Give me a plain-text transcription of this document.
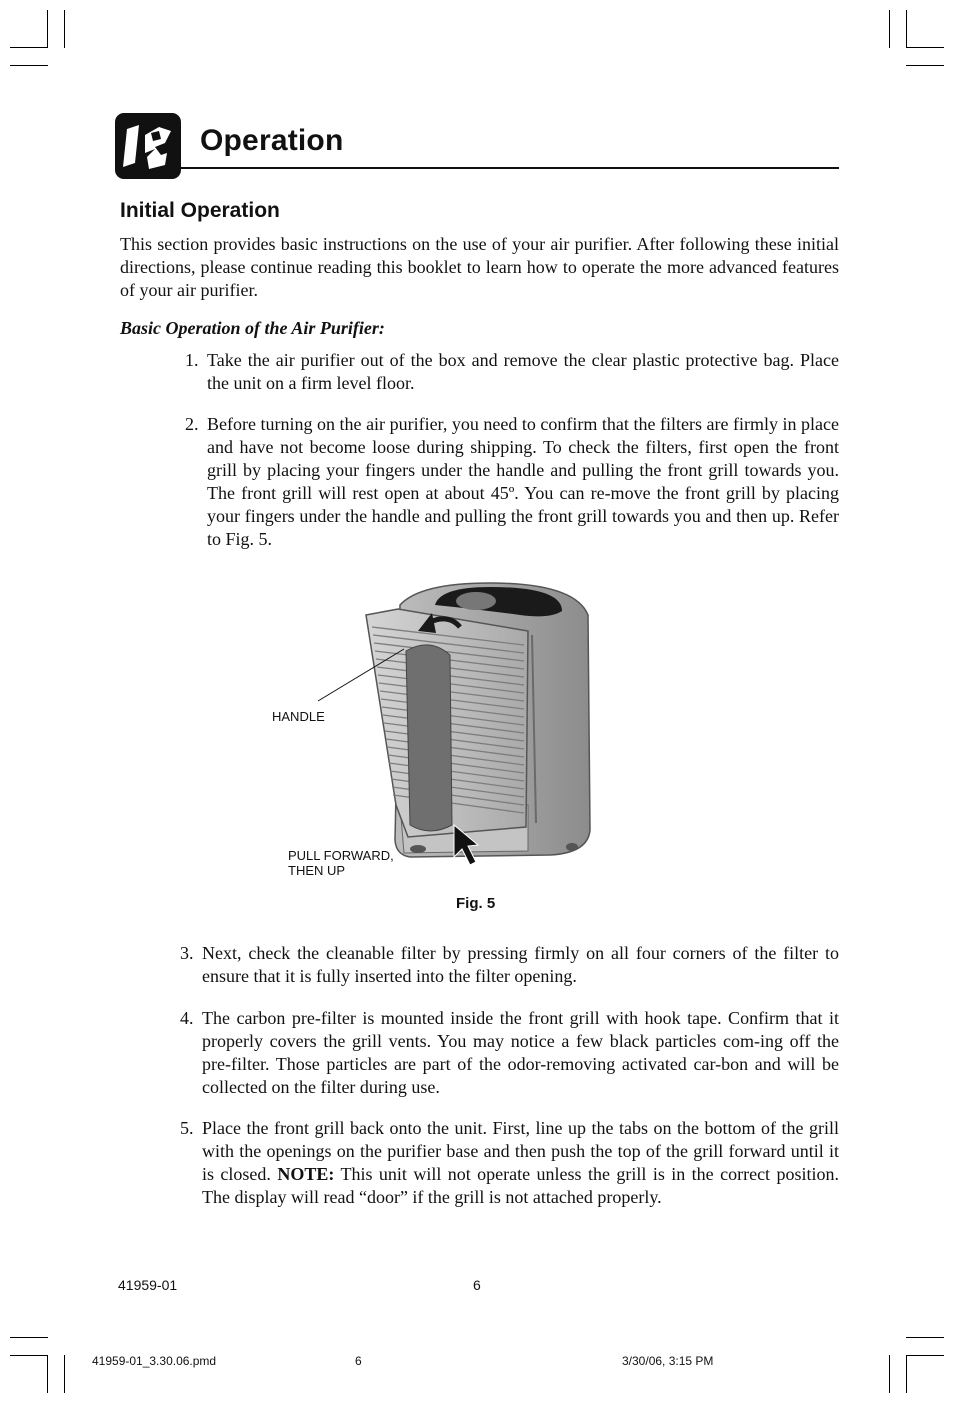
Operation
Initial Operation
This section provides basic instructions on the use of your air purifier. After following these initial directions, please continue reading this booklet to learn how to operate the more advanced features of your air purifier.
Basic Operation of the Air Purifier:
1. Take the air purifier out of the box and remove the clear plastic protective bag. Place the unit on a firm level floor.
2. Before turning on the air purifier, you need to confirm that the filters are firmly in place and have not become loose during shipping. To check the filters, first open the front grill by placing your fingers under the handle and pulling the front grill towards you. The front grill will rest open at about 45º. You can re-move the front grill by placing your fingers under the handle and pulling the front grill towards you and then up. Refer to Fig. 5.
HANDLE
PULL FORWARD,
THEN UP
Fig. 5
3. Next, check the cleanable filter by pressing firmly on all four corners of the filter to ensure that it is fully inserted into the filter opening.
4. The carbon pre-filter is mounted inside the front grill with hook tape. Confirm that it properly covers the grill vents. You may notice a few black particles com-ing off the pre-filter. Those particles are part of the odor-removing activated car-bon and will be collected on the filter during use.
5. Place the front grill back onto the unit. First, line up the tabs on the bottom of the grill with the openings on the purifier base and then push the top of the grill forward until it is closed. NOTE: This unit will not operate unless the grill is in the correct position. The display will read “door” if the grill is not attached properly.
41959-01	6
41959-01_3.30.06.pmd	6	3/30/06, 3:15 PM
